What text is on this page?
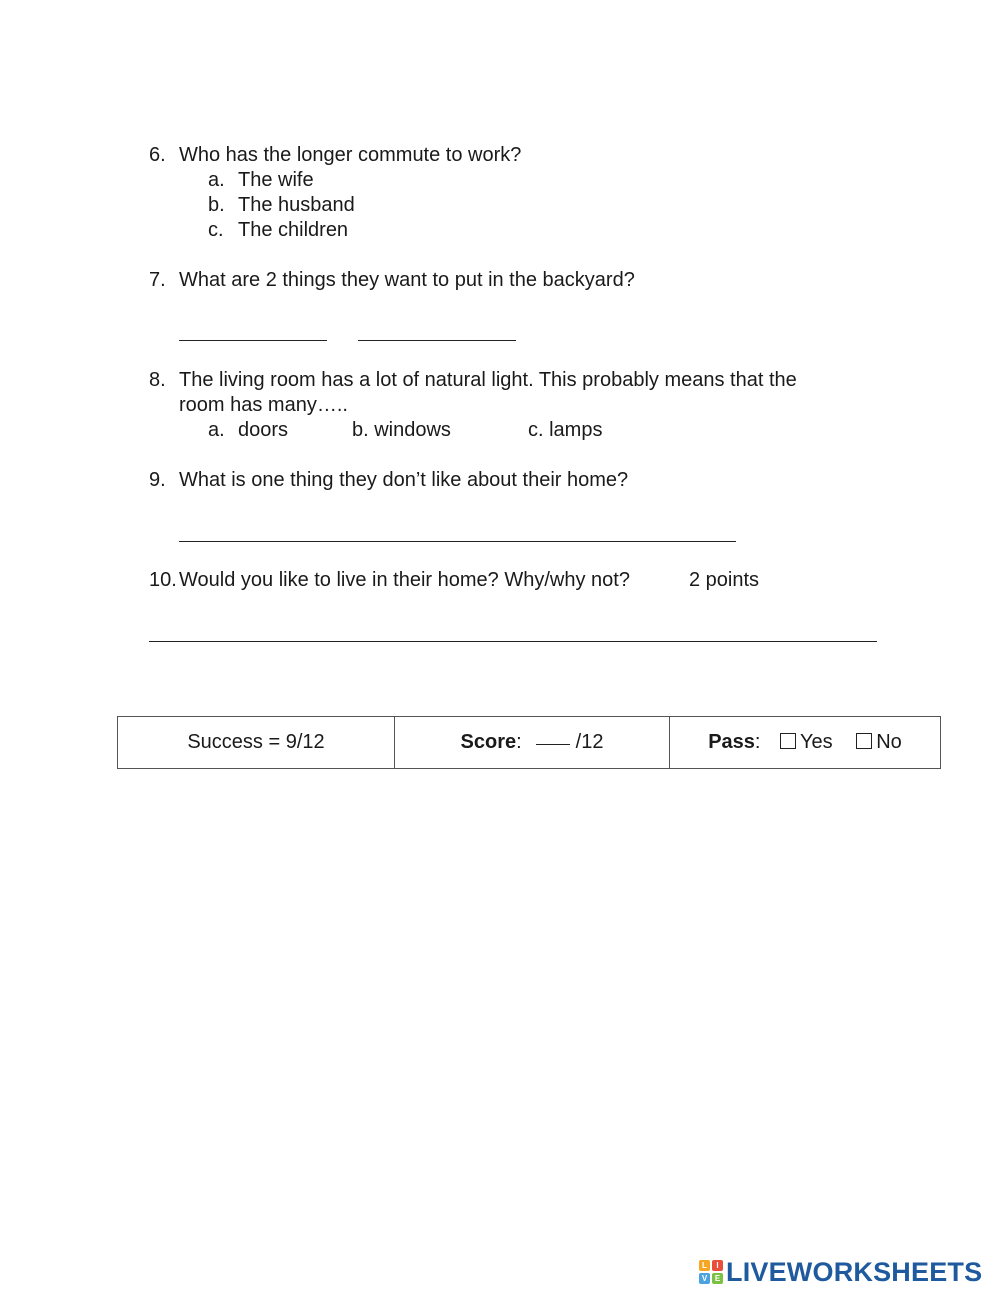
6. Who has the longer commute to work?
a. The wife
b. The husband
c. The children
7. What are 2 things they want to put in the backyard?
8. The living room has a lot of natural light. This probably means that the
room has many…..
a. doors	b. windows	c. lamps
9. What is one thing they don’t like about their home?
10. Would you like to live in their home? Why/why not?	2 points
Success = 9/12	Score:	/12	Pass: Yes No
L	I
V E LIVEWORKSHEETS
